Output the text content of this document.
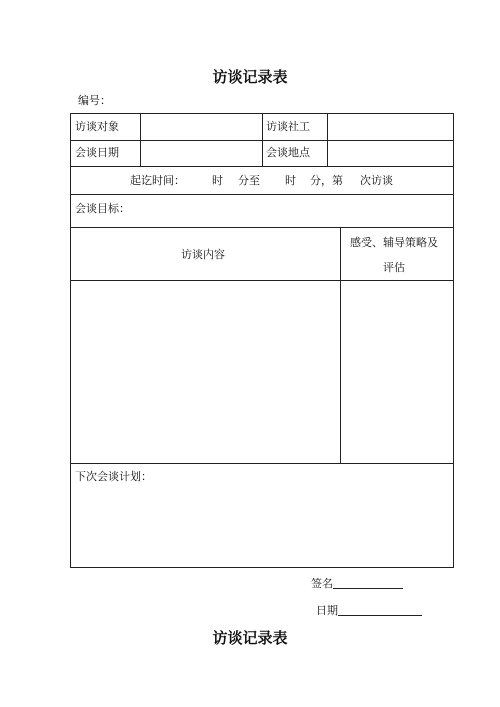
访谈记录表
编号：
访谈对象	访谈社工
会谈日期	会谈地点
起讫时间： 时 分至 时 分，第 次访谈
会谈目标：
访谈内容
感受、辅导策略及
评估
下次会谈计划：
签名
日期
访谈记录表
